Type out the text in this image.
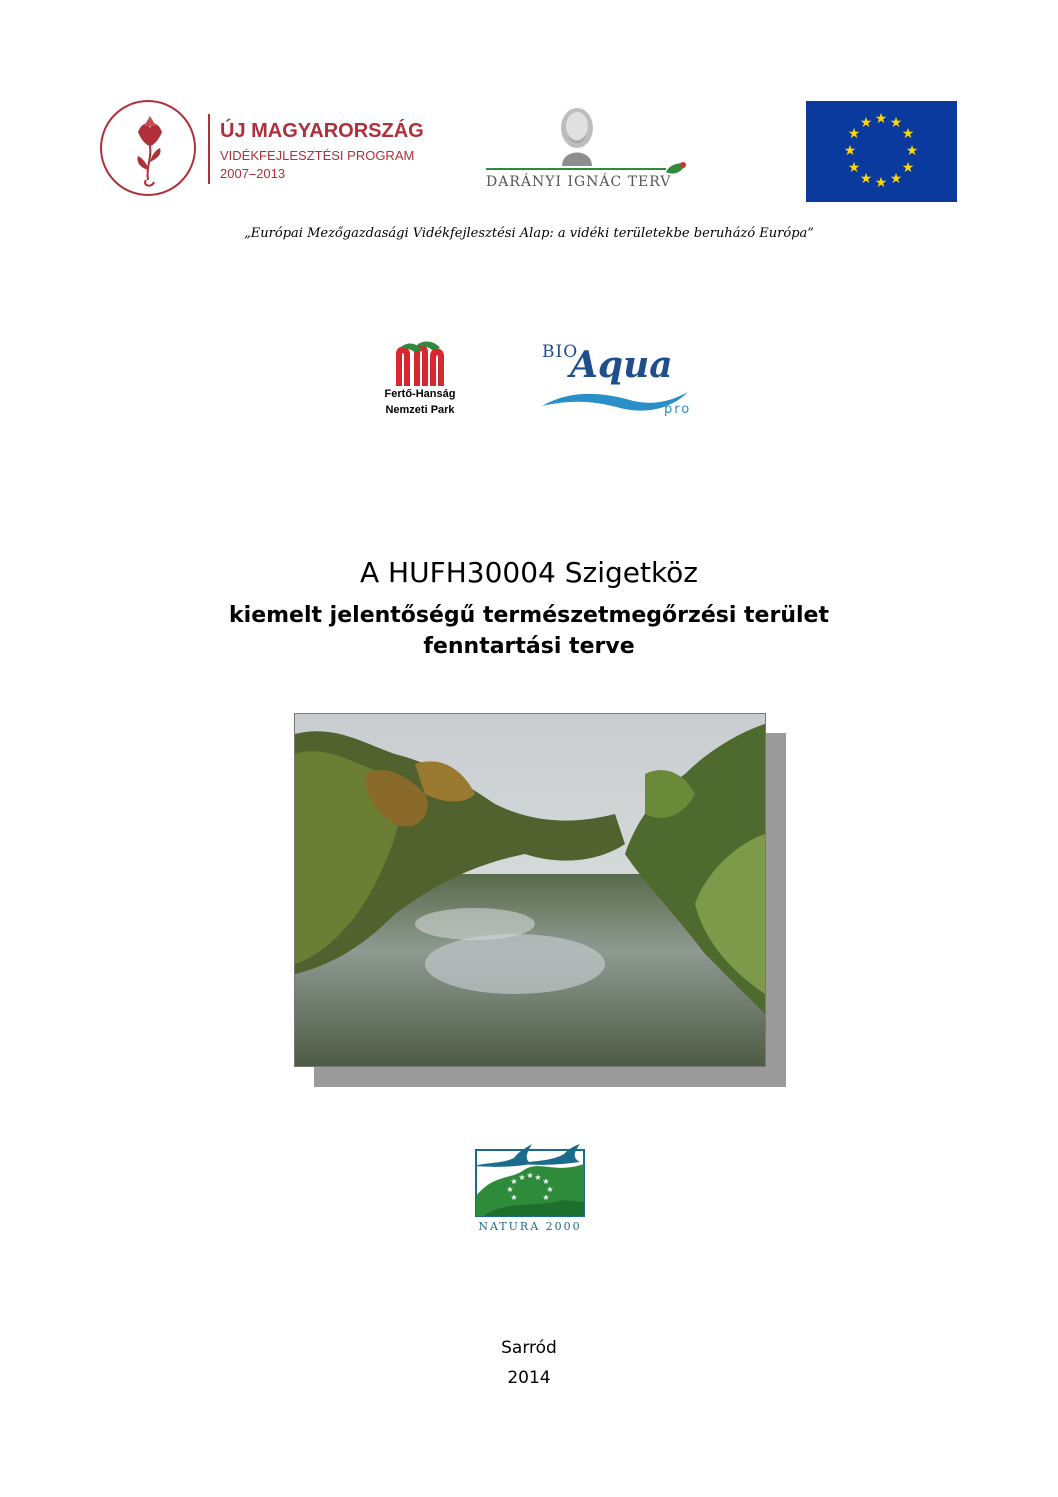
ÚJ MAGYARORSZÁG
VIDÉKFEJLESZTÉSI PROGRAM
2007–2013
DARÁNYI IGNÁC TERV
★ ★
★
★
★
★
★
★
★
★
★
★
„Európai Mezőgazdasági Vidékfejlesztési Alap: a vidéki területekbe beruházó Európa”
Fertő-Hanság
Nemzeti Park
BIO
Aqua
pro
A HUFH30004 Szigetköz
kiemelt jelentőségű természetmegőrzési terület
fenntartási terve
★ ★ ★ ★ ★
★	★
★	★
NATURA 2000
Sarród
2014
